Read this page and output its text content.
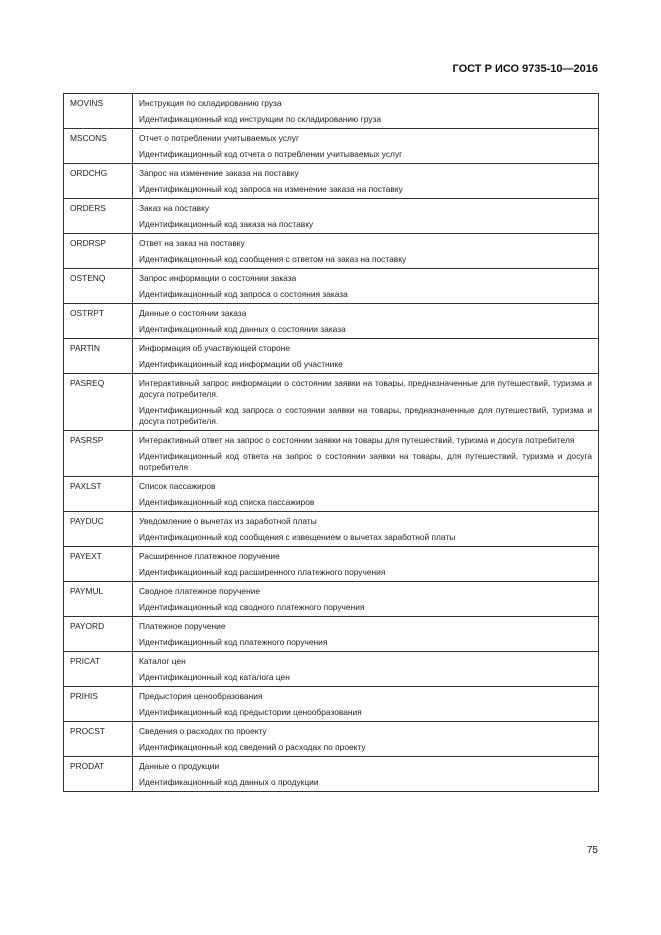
ГОСТ Р ИСО 9735-10—2016
MOVINS	Инструкция по складированию груза
Идентификационный код инструкции по складированию груза

MSCONS	Отчет о потреблении учитываемых услуг
Идентификационный код отчета о потреблении учитываемых услуг

ORDCHG	Запрос на изменение заказа на поставку
Идентификационный код запроса на изменение заказа на поставку

ORDERS	Заказ на поставку
Идентификационный код заказа на поставку

ORDRSP	Ответ на заказ на поставку
Идентификационный код сообщения с ответом на заказ на поставку

OSTENQ	Запрос информации о состоянии заказа
Идентификационный код запроса о состояния заказа

OSTRPT	Данные о состоянии заказа
Идентификационный код данных о состоянии заказа

PARTIN	Информация об участвующей стороне
Идентификационный код информации об участнике

PASREQ	Интерактивный запрос информации о состоянии заявки на товары, предназначенные для путешествий, туризма и досуга потребителя.
Идентификационный код запроса о состоянии заявки на товары, предназначенные для путешествий, туризма и досуга потребителя.

PASRSP	Интерактивный ответ на запрос о состоянии заявки на товары для путешествий, туризма и досуга потребителя
Идентификационный код ответа на запрос о состоянии заявки на товары, для путешествий, туризма и досуга потребителя

PAXLST	Список пассажиров
Идентификационный код списка пассажиров

PAYDUC	Уведомление о вычетах из заработной платы
Идентификационный код сообщения с извещением о вычетах заработной платы

PAYEXT	Расширенное платежное поручение
Идентификационный код расширенного платежного поручения

PAYMUL	Сводное платежное поручение
Идентификационный код сводного платежного поручения

PAYORD	Платежное поручение
Идентификационный код платежного поручения

PRICAT	Каталог цен
Идентификационный код каталога цен

PRIHIS	Предыстория ценообразования
Идентификационный код предыстории ценообразования

PROCST	Сведения о расходах по проекту
Идентификационный код сведений о расходах по проекту

PRODAT	Данные о продукции
Идентификационный код данных о продукции
75
